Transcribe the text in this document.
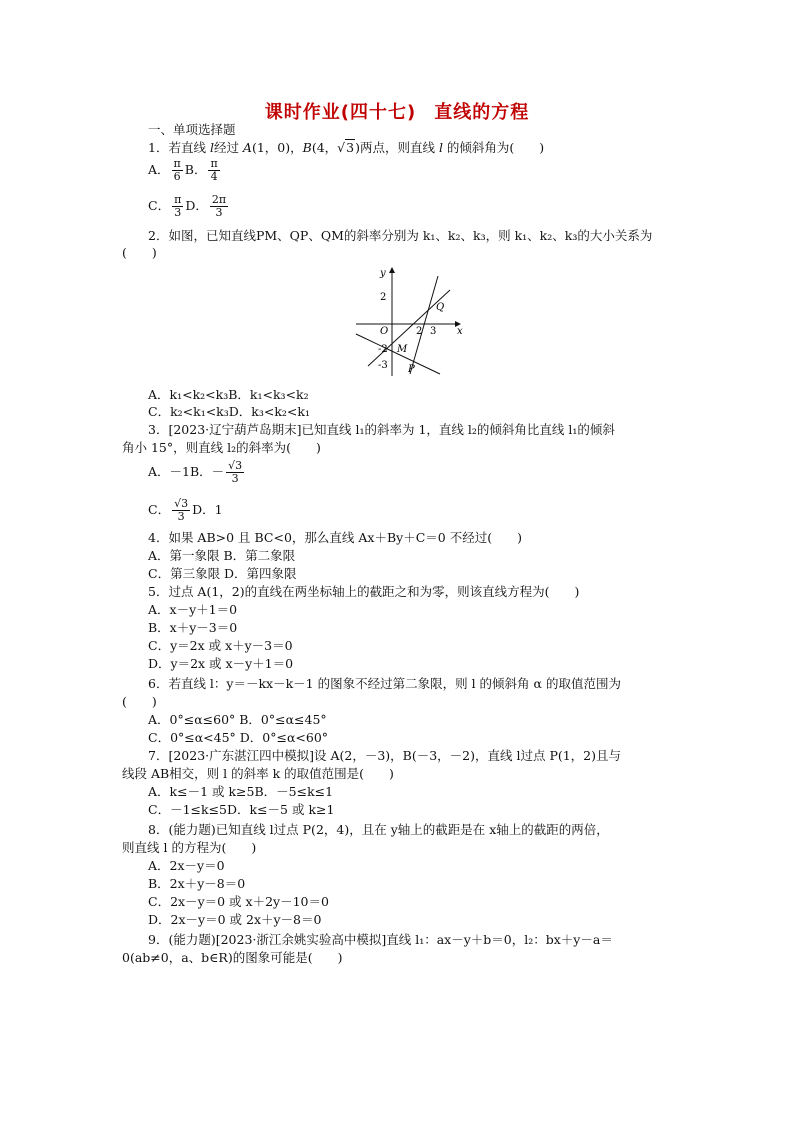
课时作业(四十七) 直线的方程
一、单项选择题
1．若直线 l经过 A(1，0)，B(4，√3)两点，则直线 l 的倾斜角为(　　)
A． $\frac{\pi}{6}$ B． $\frac{\pi}{4}$
C． $\frac{\pi}{3}$ D． $\frac{2\pi}{3}$
2．如图，已知直线PM、QP、QM的斜率分别为 k₁、k₂、k₃，则 k₁、k₂、k₃的大小关系为
(　　)
y
x
O
2
2 3
-2
-3
Q
M
P
A．k₁<k₂<k₃B．k₁<k₃<k₂
C．k₂<k₁<k₃D．k₃<k₂<k₁
3．[2023·辽宁葫芦岛期末]已知直线 l₁的斜率为 1，直线 l₂的倾斜角比直线 l₁的倾斜
角小 15°，则直线 l₂的斜率为(　　)
A．－1B．－ $\frac{√3}{3}$
C． $\frac{√3}{3}$ D．1
4．如果 AB>0 且 BC<0，那么直线 Ax＋By＋C＝0 不经过(　　)
A．第一象限 B．第二象限
C．第三象限 D．第四象限
5．过点 A(1，2)的直线在两坐标轴上的截距之和为零，则该直线方程为(　　)
A．x－y＋1＝0
B．x＋y－3＝0
C．y＝2x 或 x＋y－3＝0
D．y＝2x 或 x－y＋1＝0
6．若直线 l：y＝－kx－k－1 的图象不经过第二象限，则 l 的倾斜角 α 的取值范围为
(　　)
A．0°≤α≤60° B．0°≤α≤45°
C．0°≤α<45° D．0°≤α<60°
7．[2023·广东湛江四中模拟]设 A(2，－3)，B(－3，－2)，直线 l过点 P(1，2)且与
线段 AB相交，则 l 的斜率 k 的取值范围是(　　)
A．k≤－1 或 k≥5B．－5≤k≤1
C．－1≤k≤5D．k≤－5 或 k≥1
8．(能力题)已知直线 l过点 P(2，4)，且在 y轴上的截距是在 x轴上的截距的两倍，
则直线 l 的方程为(　　)
A．2x－y＝0
B．2x＋y－8＝0
C．2x－y＝0 或 x＋2y－10＝0
D．2x－y＝0 或 2x＋y－8＝0
9．(能力题)[2023·浙江余姚实验高中模拟]直线 l₁：ax－y＋b＝0，l₂：bx＋y－a＝
0(ab≠0，a、b∈R)的图象可能是(　　)
